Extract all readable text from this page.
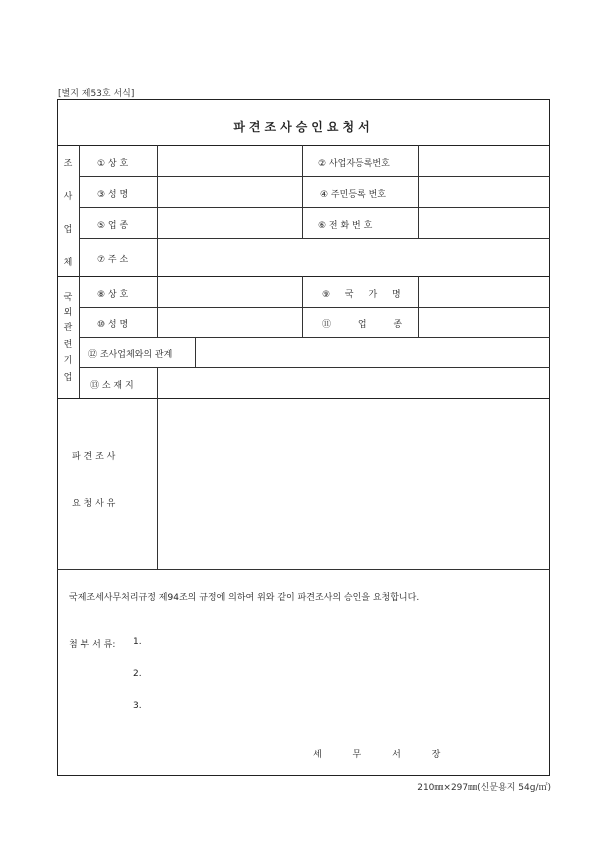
[별지 제53호 서식]
파견조사승인요청서
조
사
업
체
① 상 호	② 사업자등록번호
③ 성 명	④ 주민등록 번호
⑤ 업 종	⑥ 전 화 번 호
⑦ 주 소
국
외
관
련
기
업
⑧ 상 호	⑨ 국 가 명
⑩ 성 명	⑪ 업 종
⑫ 조사업체와의 관계
⑬ 소 재 지
파 견 조 사
요 청 사 유
국제조세사무처리규정 제94조의 규정에 의하여 위와 같이 파견조사의 승인을 요청합니다.
첨 부 서 류: 1.
2.
3.
세 무 서 장
210㎜×297㎜(신문용지 54g/㎡)
